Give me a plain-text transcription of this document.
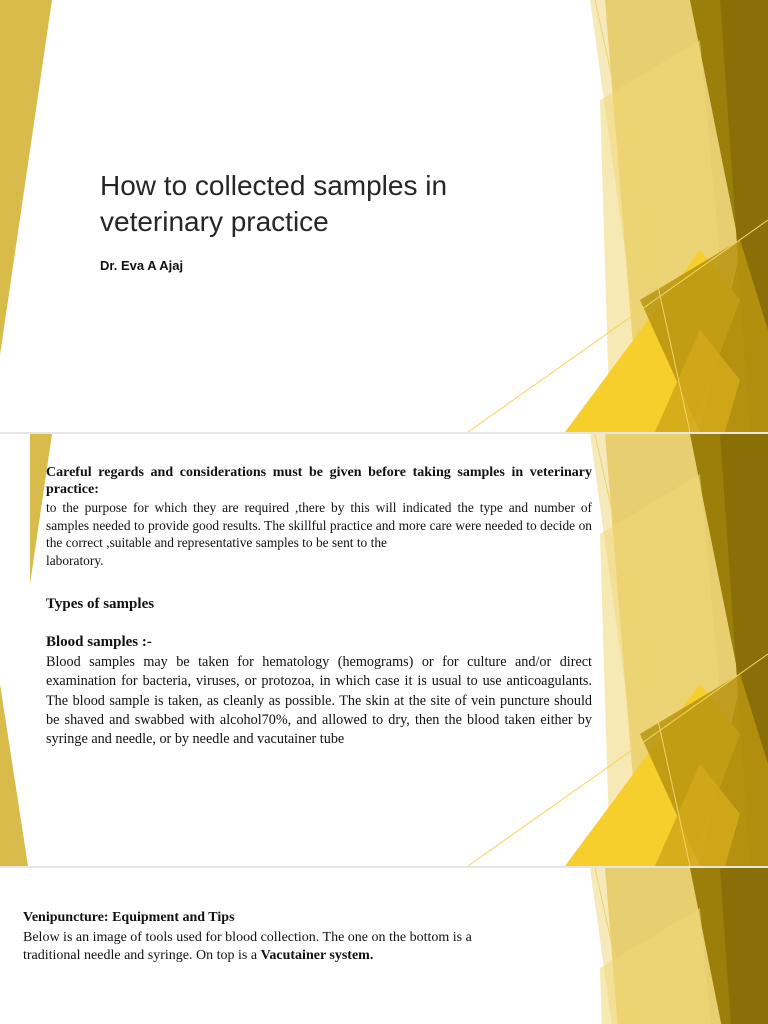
How to collected samples in veterinary practice
Dr. Eva A Ajaj
Careful regards and considerations must be given before taking samples in veterinary practice:
to the purpose for which they are required ,there by this will indicated the type and number of samples needed to provide good results. The skillful practice and more care were needed to decide on the correct ,suitable and representative samples to be sent to the
laboratory.
Types of samples
Blood samples :-
Blood samples may be taken for hematology (hemograms) or for culture and/or direct examination for bacteria, viruses, or protozoa, in which case it is usual to use anticoagulants. The blood sample is taken, as cleanly as possible. The skin at the site of vein puncture should be shaved and swabbed with alcohol70%, and allowed to dry, then the blood taken either by syringe and needle, or by needle and vacutainer tube
Venipuncture: Equipment and Tips
Below is an image of tools used for blood collection. The one on the bottom is a traditional needle and syringe. On top is a Vacutainer system.
